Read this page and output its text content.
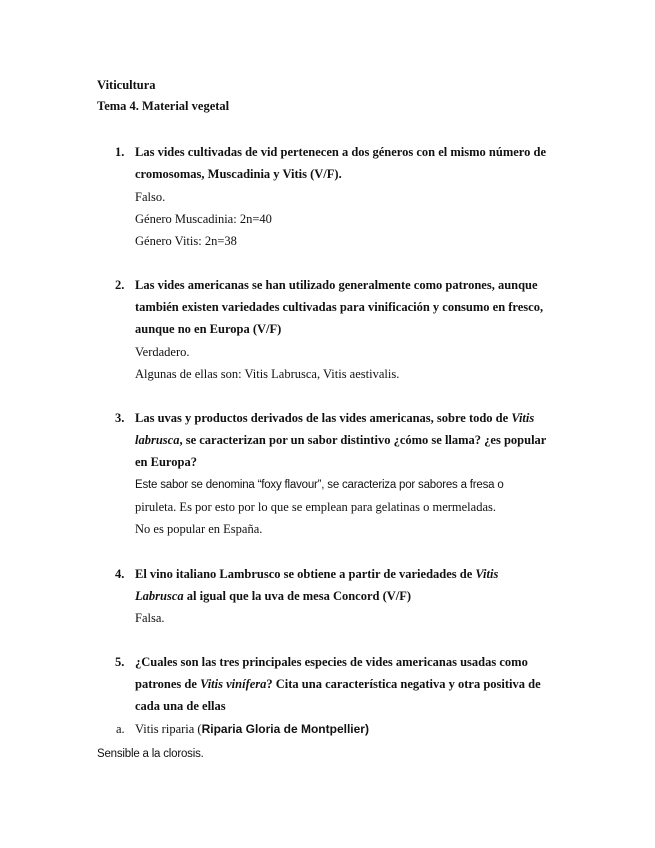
Viticultura
Tema 4. Material vegetal
1. Las vides cultivadas de vid pertenecen a dos géneros con el mismo número de
cromosomas, Muscadinia y Vitis (V/F).
Falso.
Género Muscadinia: 2n=40
Género Vitis: 2n=38
2. Las vides americanas se han utilizado generalmente como patrones, aunque
también existen variedades cultivadas para vinificación y consumo en fresco,
aunque no en Europa (V/F)
Verdadero.
Algunas de ellas son: Vitis Labrusca, Vitis aestivalis.
3. Las uvas y productos derivados de las vides americanas, sobre todo de Vitis
labrusca, se caracterizan por un sabor distintivo ¿cómo se llama? ¿es popular
en Europa?
Este sabor se denomina “foxy flavour”, se caracteriza por sabores a fresa o
piruleta. Es por esto por lo que se emplean para gelatinas o mermeladas.
No es popular en España.
4. El vino italiano Lambrusco se obtiene a partir de variedades de Vitis
Labrusca al igual que la uva de mesa Concord (V/F)
Falsa.
5. ¿Cuales son las tres principales especies de vides americanas usadas como
patrones de Vitis vinífera? Cita una característica negativa y otra positiva de
cada una de ellas
a. Vitis riparia (Riparia Gloria de Montpellier)
Sensible a la clorosis.
